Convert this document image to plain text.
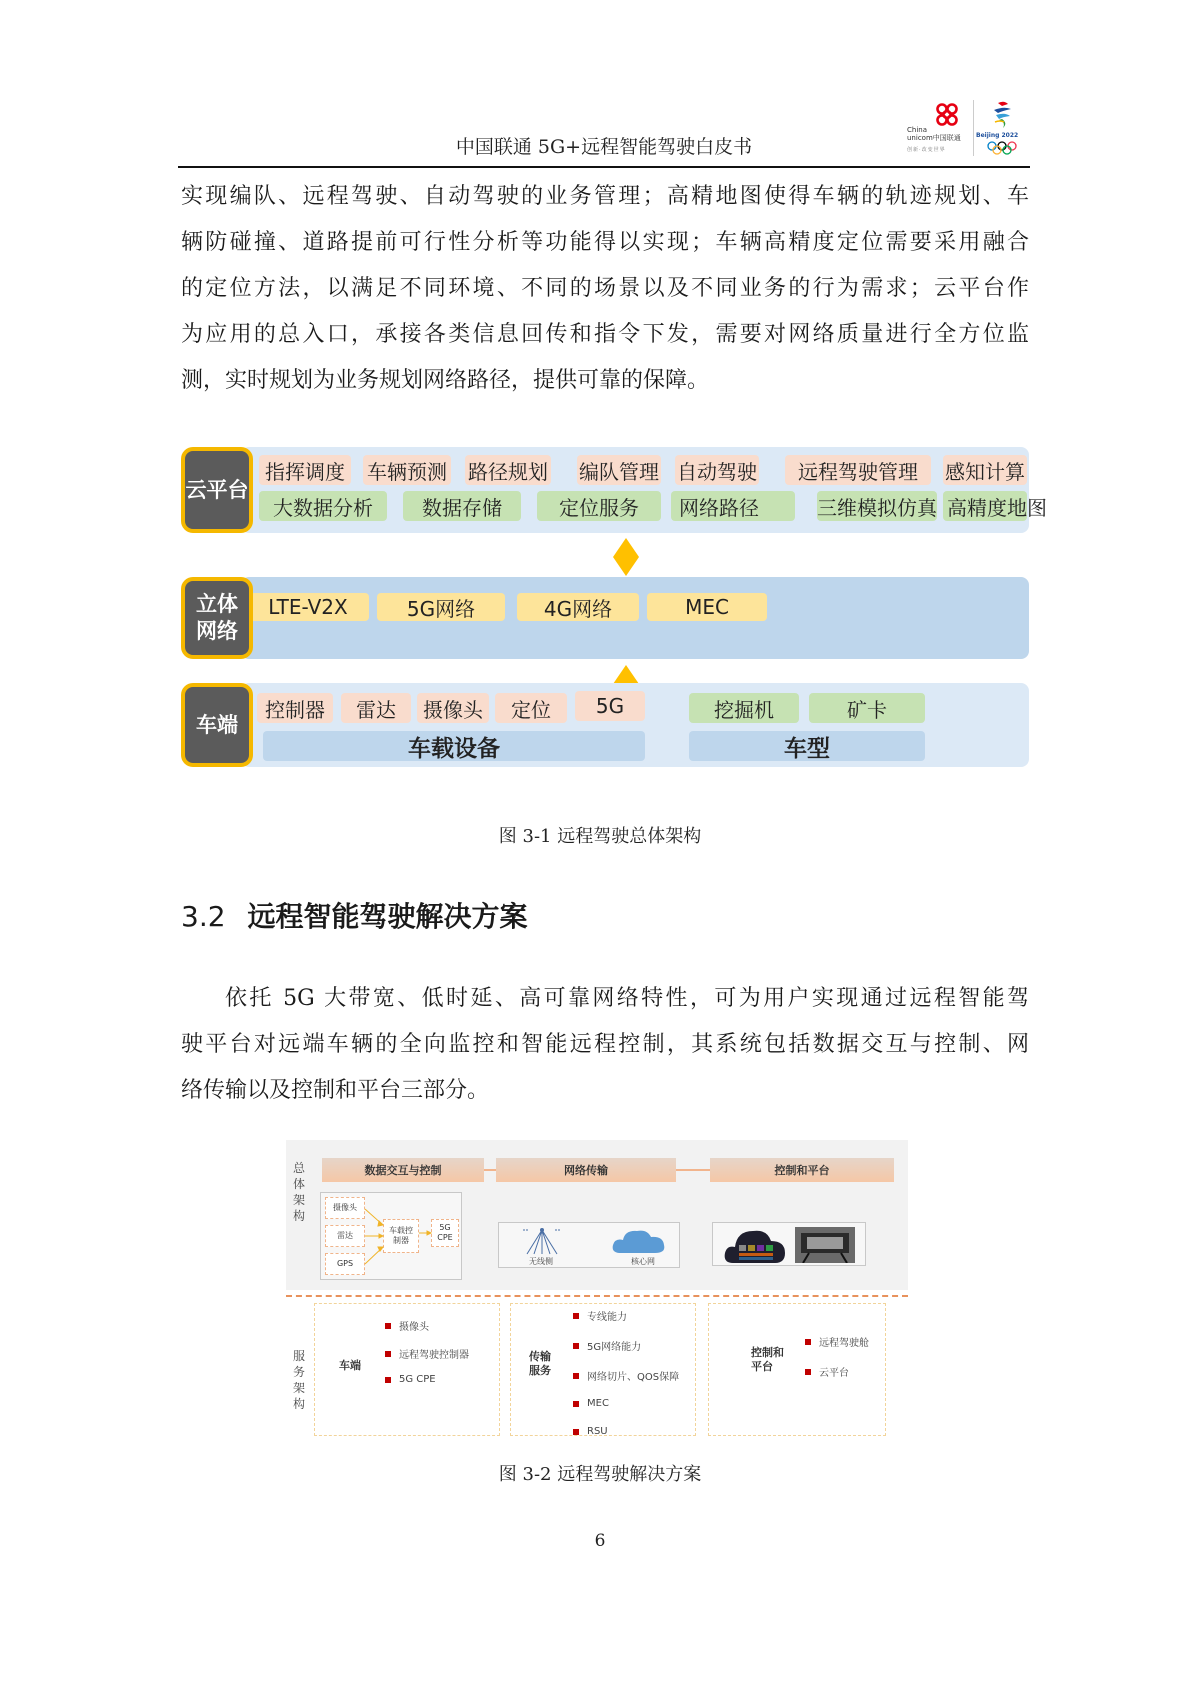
中国联通 5G+远程智能驾驶白皮书
China
unicom中国联通
创新·改变世界
Beijing 2022
实现编队、远程驾驶、自动驾驶的业务管理；高精地图使得车辆的轨迹规划、车
辆防碰撞、道路提前可行性分析等功能得以实现；车辆高精度定位需要采用融合
的定位方法，以满足不同环境、不同的场景以及不同业务的行为需求；云平台作
为应用的总入口，承接各类信息回传和指令下发，需要对网络质量进行全方位监
测，实时规划为业务规划网络路径，提供可靠的保障。
云平台
指挥调度	车辆预测 路径规划 编队管理 自动驾驶	远程驾驶管理	感知计算
大数据分析	数据存储	定位服务	网络路径	三维模拟仿真 高精度地图
立体
网络
LTE-V2X	5G网络	4G网络	MEC
车端
控制器	雷达	摄像头	定位	5G	挖掘机	矿卡
车载设备	车型
图 3-1 远程驾驶总体架构
3.2 远程智能驾驶解决方案
依托 5G 大带宽、低时延、高可靠网络特性，可为用户实现通过远程智能驾
驶平台对远端车辆的全向监控和智能远程控制，其系统包括数据交互与控制、网
络传输以及控制和平台三部分。
总
体
架
构
数据交互与控制	网络传输	控制和平台
摄像头
雷达
GPS
车载控制器
5G CPE
无线侧	核心网
服
务
架
构
车端
摄像头
远程驾驶控制器
5G CPE
传输服务
专线能力
5G网络能力
网络切片、QOS保障
MEC
RSU
控制和平台
远程驾驶舱
云平台
图 3-2 远程驾驶解决方案
6
